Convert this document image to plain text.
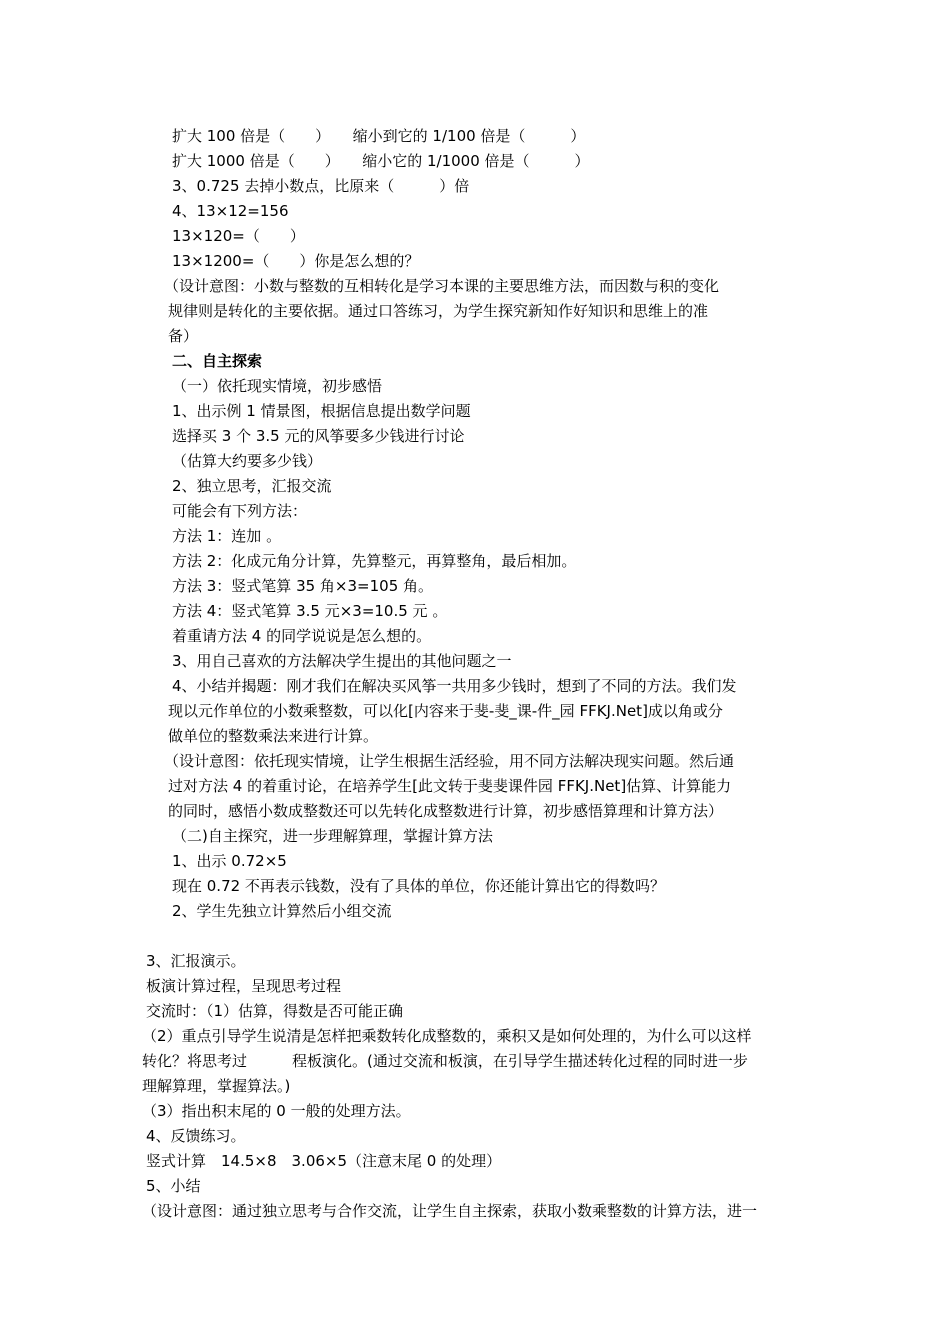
扩大 100 倍是（　　）　　缩小到它的 1/100 倍是（　　　）
扩大 1000 倍是（　　）　　缩小它的 1/1000 倍是（　　　）
3、0.725 去掉小数点，比原来（　　　）倍
4、13×12=156
13×120=（　　）
13×1200=（　　）你是怎么想的？
（设计意图：小数与整数的互相转化是学习本课的主要思维方法，而因数与积的变化
规律则是转化的主要依据。通过口答练习，为学生探究新知作好知识和思维上的准
备）
二、自主探索
（一）依托现实情境，初步感悟
1、出示例 1 情景图，根据信息提出数学问题
选择买 3 个 3.5 元的风筝要多少钱进行讨论
（估算大约要多少钱）
2、独立思考，汇报交流
可能会有下列方法：
方法 1：连加 。
方法 2：化成元角分计算，先算整元，再算整角，最后相加。
方法 3：竖式笔算 35 角×3=105 角。
方法 4：竖式笔算 3.5 元×3=10.5 元 。
着重请方法 4 的同学说说是怎么想的。
3、用自己喜欢的方法解决学生提出的其他问题之一
4、小结并揭题：刚才我们在解决买风筝一共用多少钱时，想到了不同的方法。我们发
现以元作单位的小数乘整数，可以化[内容来于斐-斐_课-件_园 FFKJ.Net]成以角或分
做单位的整数乘法来进行计算。
（设计意图：依托现实情境，让学生根据生活经验，用不同方法解决现实问题。然后通
过对方法 4 的着重讨论，在培养学生[此文转于斐斐课件园 FFKJ.Net]估算、计算能力
的同时，感悟小数成整数还可以先转化成整数进行计算，初步感悟算理和计算方法）
（二)自主探究，进一步理解算理，掌握计算方法
1、出示 0.72×5
现在 0.72 不再表示钱数，没有了具体的单位，你还能计算出它的得数吗？
2、学生先独立计算然后小组交流
3、汇报演示。
板演计算过程，呈现思考过程
交流时：（1）估算，得数是否可能正确
（2）重点引导学生说清是怎样把乘数转化成整数的，乘积又是如何处理的，为什么可以这样
转化？将思考过　　　程板演化。(通过交流和板演，在引导学生描述转化过程的同时进一步
理解算理，掌握算法。)
（3）指出积末尾的 0 一般的处理方法。
4、反馈练习。
竖式计算　14.5×8　3.06×5（注意末尾 0 的处理）
5、小结
（设计意图：通过独立思考与合作交流，让学生自主探索，获取小数乘整数的计算方法，进一
